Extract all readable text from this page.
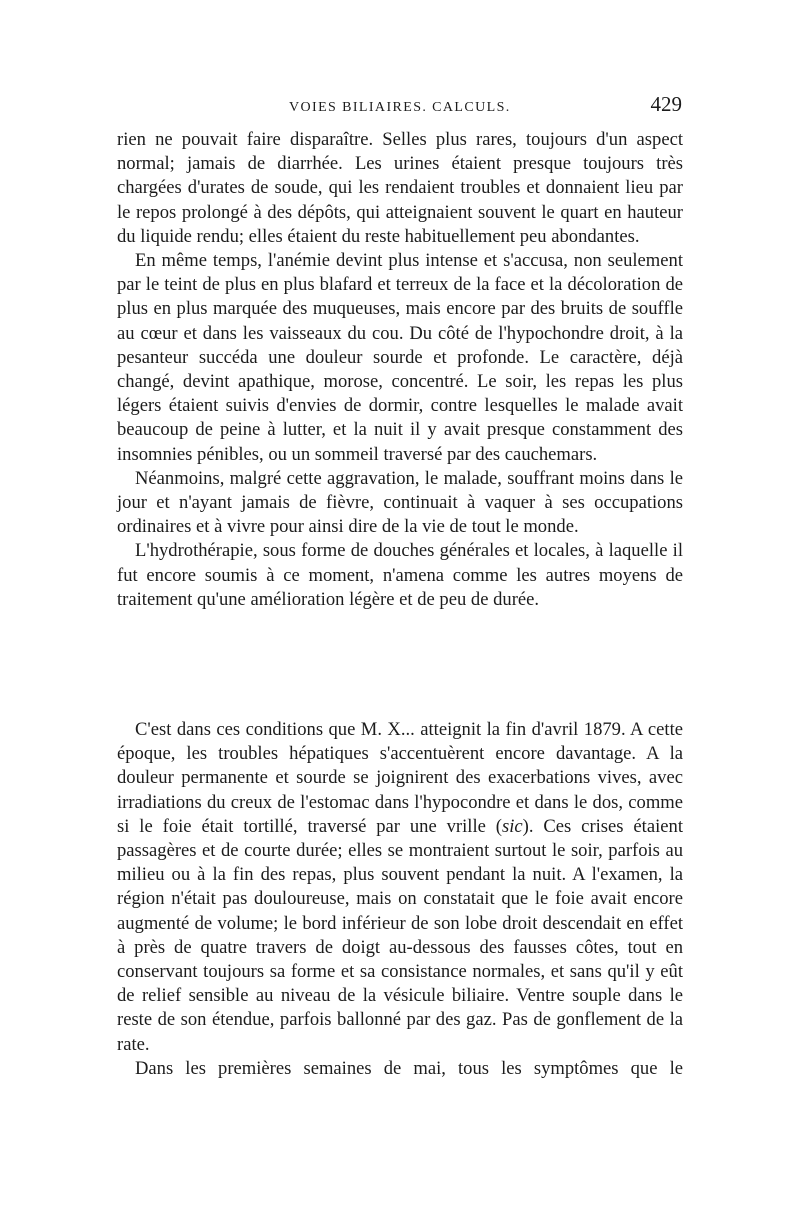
VOIES BILIAIRES. CALCULS.	429

rien ne pouvait faire disparaître. Selles plus rares, toujours d'un aspect normal; jamais de diarrhée. Les urines étaient presque toujours très chargées d'urates de soude, qui les rendaient troubles et donnaient lieu par le repos prolongé à des dépôts, qui atteignaient souvent le quart en hauteur du liquide rendu; elles étaient du reste habituellement peu abondantes.

En même temps, l'anémie devint plus intense et s'accusa, non seulement par le teint de plus en plus blafard et terreux de la face et la décoloration de plus en plus marquée des muqueuses, mais encore par des bruits de souffle au cœur et dans les vaisseaux du cou. Du côté de l'hypochondre droit, à la pesanteur succéda une douleur sourde et profonde. Le caractère, déjà changé, devint apathique, morose, concentré. Le soir, les repas les plus légers étaient suivis d'envies de dormir, contre lesquelles le malade avait beaucoup de peine à lutter, et la nuit il y avait presque constamment des insomnies pénibles, ou un sommeil traversé par des cauchemars.

Néanmoins, malgré cette aggravation, le malade, souffrant moins dans le jour et n'ayant jamais de fièvre, continuait à vaquer à ses occupations ordinaires et à vivre pour ainsi dire de la vie de tout le monde.

L'hydrothérapie, sous forme de douches générales et locales, à laquelle il fut encore soumis à ce moment, n'amena comme les autres moyens de traitement qu'une amélioration légère et de peu de durée.

C'est dans ces conditions que M. X... atteignit la fin d'avril 1879. A cette époque, les troubles hépatiques s'accentuèrent encore davantage. A la douleur permanente et sourde se joignirent des exacerbations vives, avec irradiations du creux de l'estomac dans l'hypocondre et dans le dos, comme si le foie était tortillé, traversé par une vrille (sic). Ces crises étaient passagères et de courte durée; elles se montraient surtout le soir, parfois au milieu ou à la fin des repas, plus souvent pendant la nuit. A l'examen, la région n'était pas douloureuse, mais on constatait que le foie avait encore augmenté de volume; le bord inférieur de son lobe droit descendait en effet à près de quatre travers de doigt au-dessous des fausses côtes, tout en conservant toujours sa forme et sa consistance normales, et sans qu'il y eût de relief sensible au niveau de la vésicule biliaire. Ventre souple dans le reste de son étendue, parfois ballonné par des gaz. Pas de gonflement de la rate.

Dans les premières semaines de mai, tous les symptômes que le
